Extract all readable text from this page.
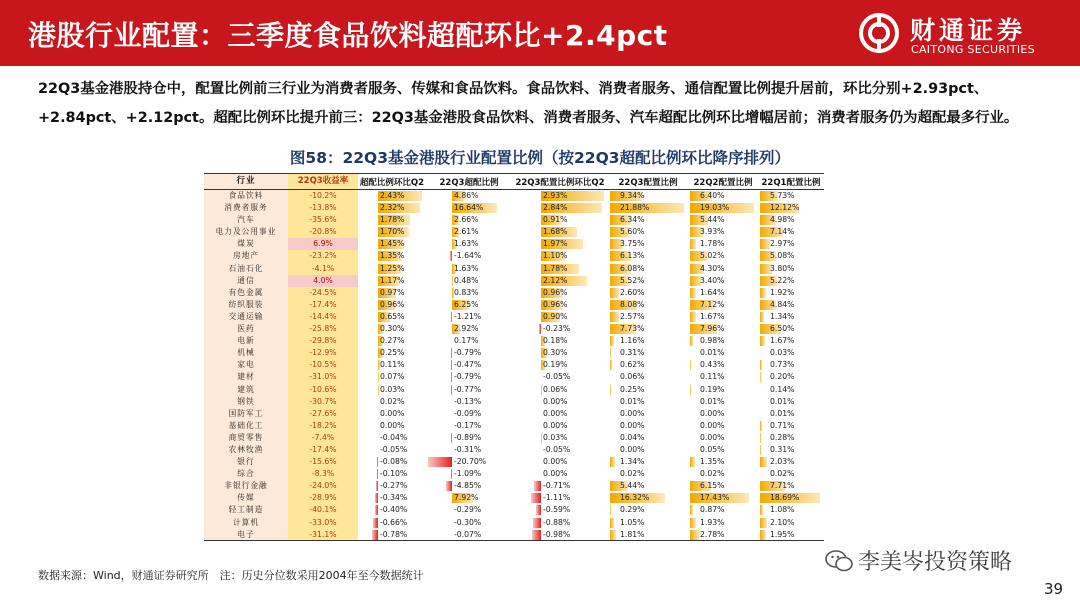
港股行业配置：三季度食品饮料超配环比+2.4pct	财通证券
CAITONG SECURITIES
22Q3基金港股持仓中，配置比例前三行业为消费者服务、传媒和食品饮料。食品饮料、消费者服务、通信配置比例提升居前，环比分别+2.93pct、
+2.84pct、+2.12pct。超配比例环比提升前三：22Q3基金港股食品饮料、消费者服务、汽车超配比例环比增幅居前；消费者服务仍为超配最多行业。
图58：22Q3基金港股行业配置比例（按22Q3超配比例环比降序排列）
行业	22Q3收益率	超配比例环比Q2	22Q3超配比例	22Q3配置比例环比Q2	22Q3配置比例	22Q2配置比例	22Q1配置比例
食品饮料	-10.2%	2.43%	4.86%	2.93%	9.34%	6.40%	5.73%
消费者服务	-13.8%	2.32%	16.64%	2.84%	21.88%	19.03%	12.12%
汽车	-35.6%	1.78%	2.66%	0.91%	6.34%	5.44%	4.98%
电力及公用事业	-20.8%	1.70%	2.61%	1.68%	5.60%	3.93%	7.14%
煤炭	6.9%	1.45%	1.63%	1.97%	3.75%	1.78%	2.97%
房地产	-23.2%	1.35%	-1.64%	1.10%	6.13%	5.02%	5.08%
石油石化	-4.1%	1.25%	1.63%	1.78%	6.08%	4.30%	3.80%
通信	4.0%	1.17%	0.48%	2.12%	5.52%	3.40%	5.22%
有色金属	-24.5%	0.97%	0.83%	0.96%	2.60%	1.64%	1.92%
纺织服装	-17.4%	0.96%	6.25%	0.96%	8.08%	7.12%	4.84%
交通运输	-14.4%	0.65%	-1.21%	0.90%	2.57%	1.67%	1.34%
医药	-25.8%	0.30%	2.92%	-0.23%	7.73%	7.96%	6.50%
电新	-29.8%	0.27%	0.17%	0.18%	1.16%	0.98%	1.67%
机械	-12.9%	0.25%	-0.79%	0.30%	0.31%	0.01%	0.03%
家电	-10.5%	0.11%	-0.47%	0.19%	0.62%	0.43%	0.73%
建材	-31.0%	0.07%	-0.79%	-0.05%	0.06%	0.11%	0.20%
建筑	-10.6%	0.03%	-0.77%	0.06%	0.25%	0.19%	0.14%
钢铁	-30.7%	0.02%	-0.13%	0.00%	0.01%	0.01%	0.01%
国防军工	-27.6%	0.00%	-0.09%	0.00%	0.00%	0.00%	0.01%
基础化工	-18.2%	0.00%	-0.17%	0.00%	0.00%	0.00%	0.71%
商贸零售	-7.4%	-0.04%	-0.89%	0.03%	0.04%	0.00%	0.28%
农林牧渔	-17.4%	-0.05%	-0.31%	-0.05%	0.00%	0.05%	0.31%
银行	-15.6%	-0.08%	-20.70%	0.00%	1.34%	1.35%	2.03%
综合	-8.3%	-0.10%	-1.09%	0.00%	0.02%	0.02%	0.02%
非银行金融	-24.0%	-0.27%	-4.85%	-0.71%	5.44%	6.15%	7.71%
传媒	-28.9%	-0.34%	7.92%	-1.11%	16.32%	17.43%	18.69%
轻工制造	-40.1%	-0.40%	-0.29%	-0.59%	0.29%	0.87%	1.08%
计算机	-33.0%	-0.66%	-0.30%	-0.88%	1.05%	1.93%	2.10%
电子	-31.1%	-0.78%	-0.07%	-0.98%	1.81%	2.78%	1.95%
数据来源：Wind，财通证券研究所　注：历史分位数采用2004年至今数据统计
李美岑投资策略
39
